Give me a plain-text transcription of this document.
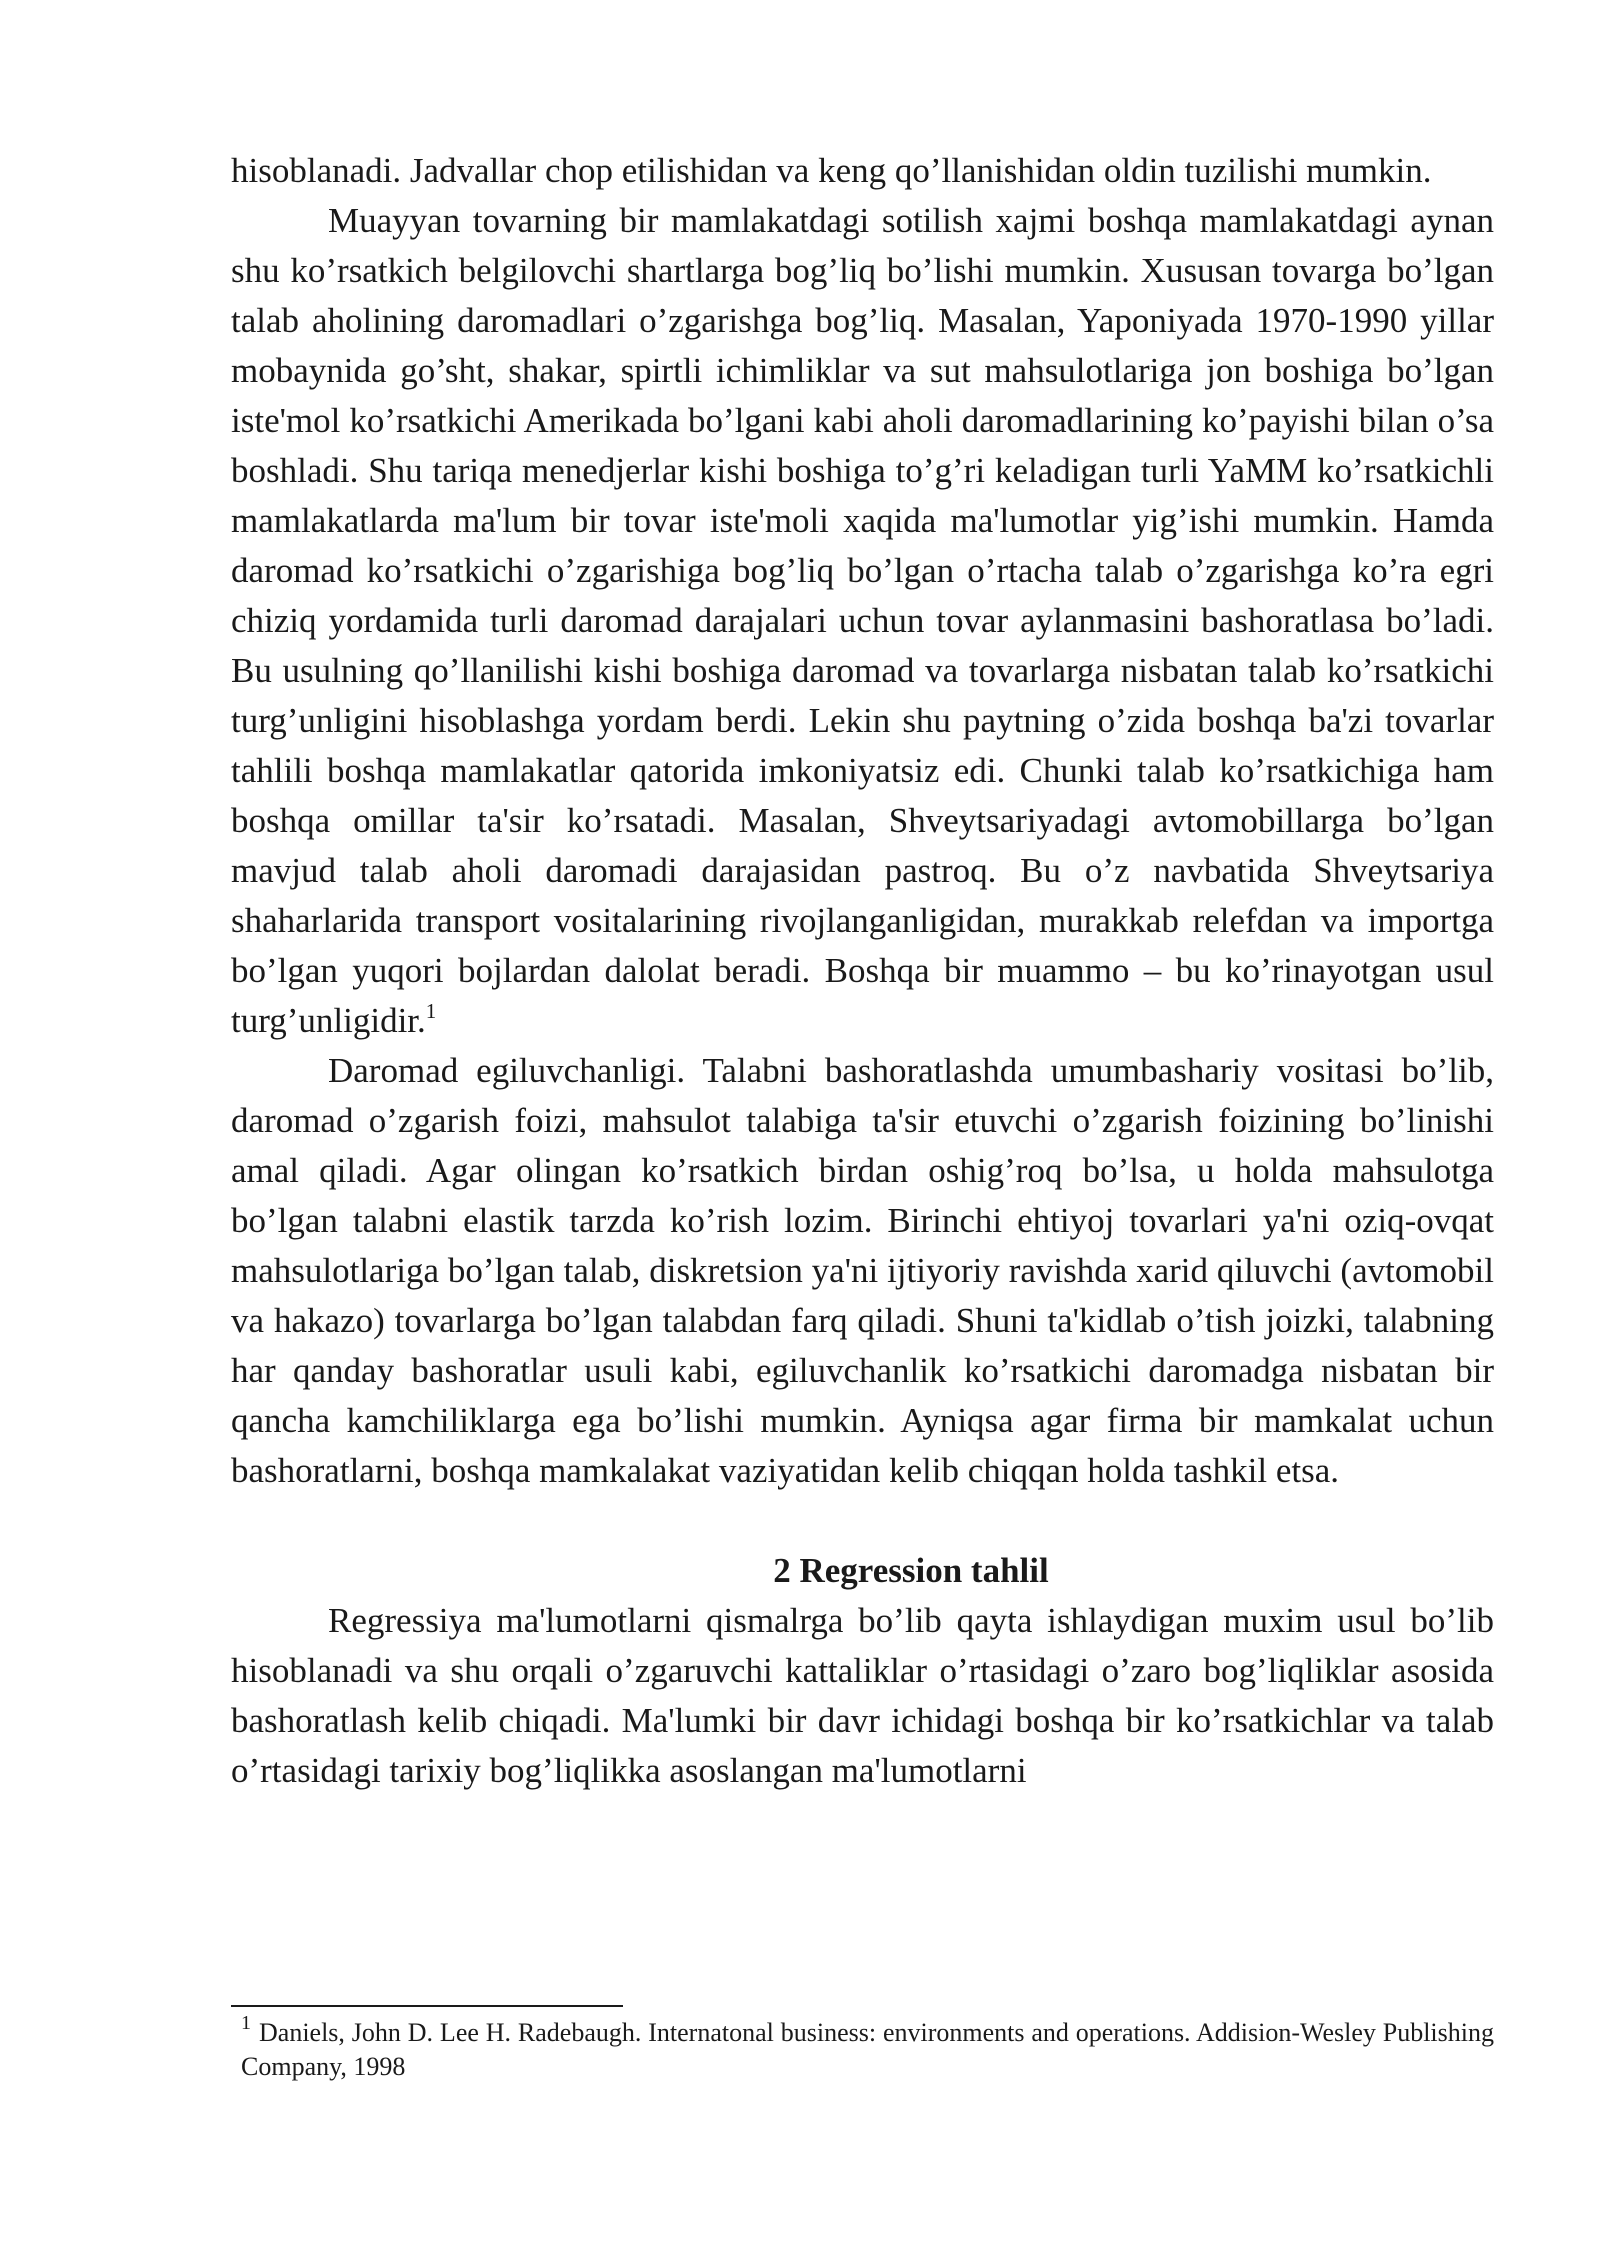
hisoblanadi. Jadvallar chop etilishidan va keng qo’llanishidan oldin tuzilishi mumkin.

Muayyan tovarning bir mamlakatdagi sotilish xajmi boshqa mamlakatdagi aynan shu ko’rsatkich belgilovchi shartlarga bog’liq bo’lishi mumkin. Xususan tovarga bo’lgan talab aholining daromadlari o’zgarishga bog’liq. Masalan, Yaponiyada 1970-1990 yillar mobaynida go’sht, shakar, spirtli ichimliklar va sut mahsulotlariga jon boshiga bo’lgan iste'mol ko’rsatkichi Amerikada bo’lgani kabi aholi daromadlarining ko’payishi bilan o’sa boshladi. Shu tariqa menedjerlar kishi boshiga to’g’ri keladigan turli YaMM ko’rsatkichli mamlakatlarda ma'lum bir tovar iste'moli xaqida ma'lumotlar yig’ishi mumkin. Hamda daromad ko’rsatkichi o’zgarishiga bog’liq bo’lgan o’rtacha talab o’zgarishga ko’ra egri chiziq yordamida turli daromad darajalari uchun tovar aylanmasini bashoratlasa bo’ladi. Bu usulning qo’llanilishi kishi boshiga daromad va tovarlarga nisbatan talab ko’rsatkichi turg’unligini hisoblashga yordam berdi. Lekin shu paytning o’zida boshqa ba'zi tovarlar tahlili boshqa mamlakatlar qatorida imkoniyatsiz edi. Chunki talab ko’rsatkichiga ham boshqa omillar ta'sir ko’rsatadi. Masalan, Shveytsariyadagi avtomobillarga bo’lgan mavjud talab aholi daromadi darajasidan pastroq. Bu o’z navbatida Shveytsariya shaharlarida transport vositalarining rivojlanganligidan, murakkab relefdan va importga bo’lgan yuqori bojlardan dalolat beradi. Boshqa bir muammo – bu ko’rinayotgan usul turg’unligidir.$^1$

Daromad egiluvchanligi. Talabni bashoratlashda umumbashariy vositasi bo’lib, daromad o’zgarish foizi, mahsulot talabiga ta'sir etuvchi o’zgarish foizining bo’linishi amal qiladi. Agar olingan ko’rsatkich birdan oshig’roq bo’lsa, u holda mahsulotga bo’lgan talabni elastik tarzda ko’rish lozim. Birinchi ehtiyoj tovarlari ya'ni oziq-ovqat mahsulotlariga bo’lgan talab, diskretsion ya'ni ijtiyoriy ravishda xarid qiluvchi (avtomobil va hakazo) tovarlarga bo’lgan talabdan farq qiladi. Shuni ta'kidlab o’tish joizki, talabning har qanday bashoratlar usuli kabi, egiluvchanlik ko’rsatkichi daromadga nisbatan bir qancha kamchiliklarga ega bo’lishi mumkin. Ayniqsa agar firma bir mamkalat uchun bashoratlarni, boshqa mamkalakat vaziyatidan kelib chiqqan holda tashkil etsa.

2 Regression tahlil

Regressiya ma'lumotlarni qismalrga bo’lib qayta ishlaydigan muxim usul bo’lib hisoblanadi va shu orqali o’zgaruvchi kattaliklar o’rtasidagi o’zaro bog’liqliklar asosida bashoratlash kelib chiqadi. Ma'lumki bir davr ichidagi boshqa bir ko’rsatkichlar va talab o’rtasidagi tarixiy bog’liqlikka asoslangan ma'lumotlarni

$^1$ Daniels, John D. Lee H. Radebaugh. Internatonal business: environments and operations. Addision-Wesley Publishing Company, 1998
